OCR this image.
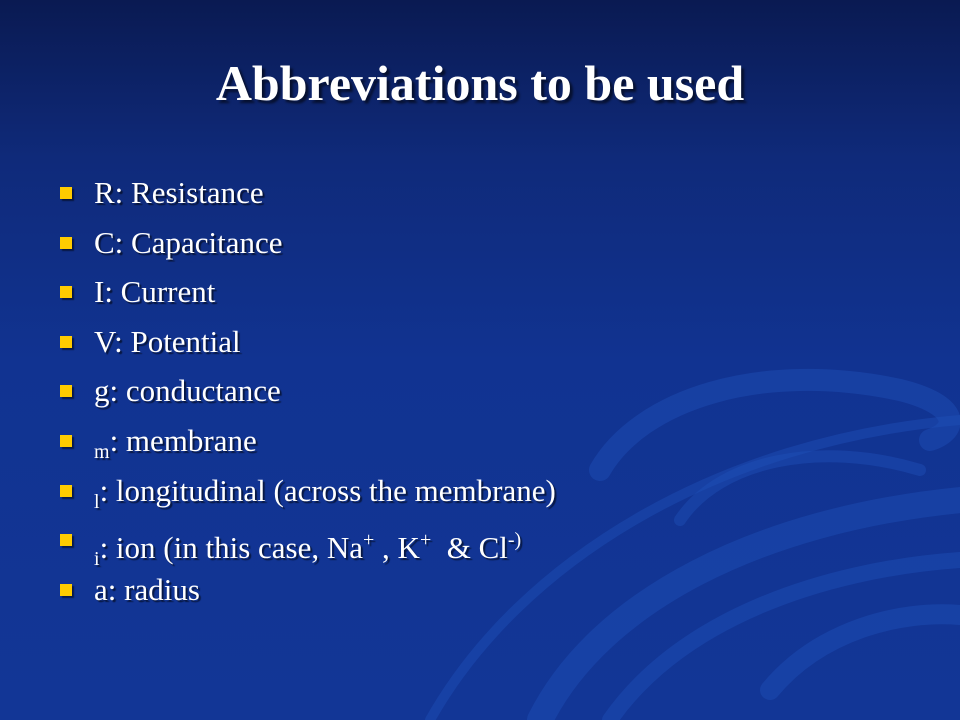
Abbreviations to be used
R: Resistance
C: Capacitance
I: Current
V: Potential
g: conductance
$_m$: membrane
$_l$: longitudinal (across the membrane)
$_i$: ion (in this case, Na+ , K+  & Cl-)
a: radius
